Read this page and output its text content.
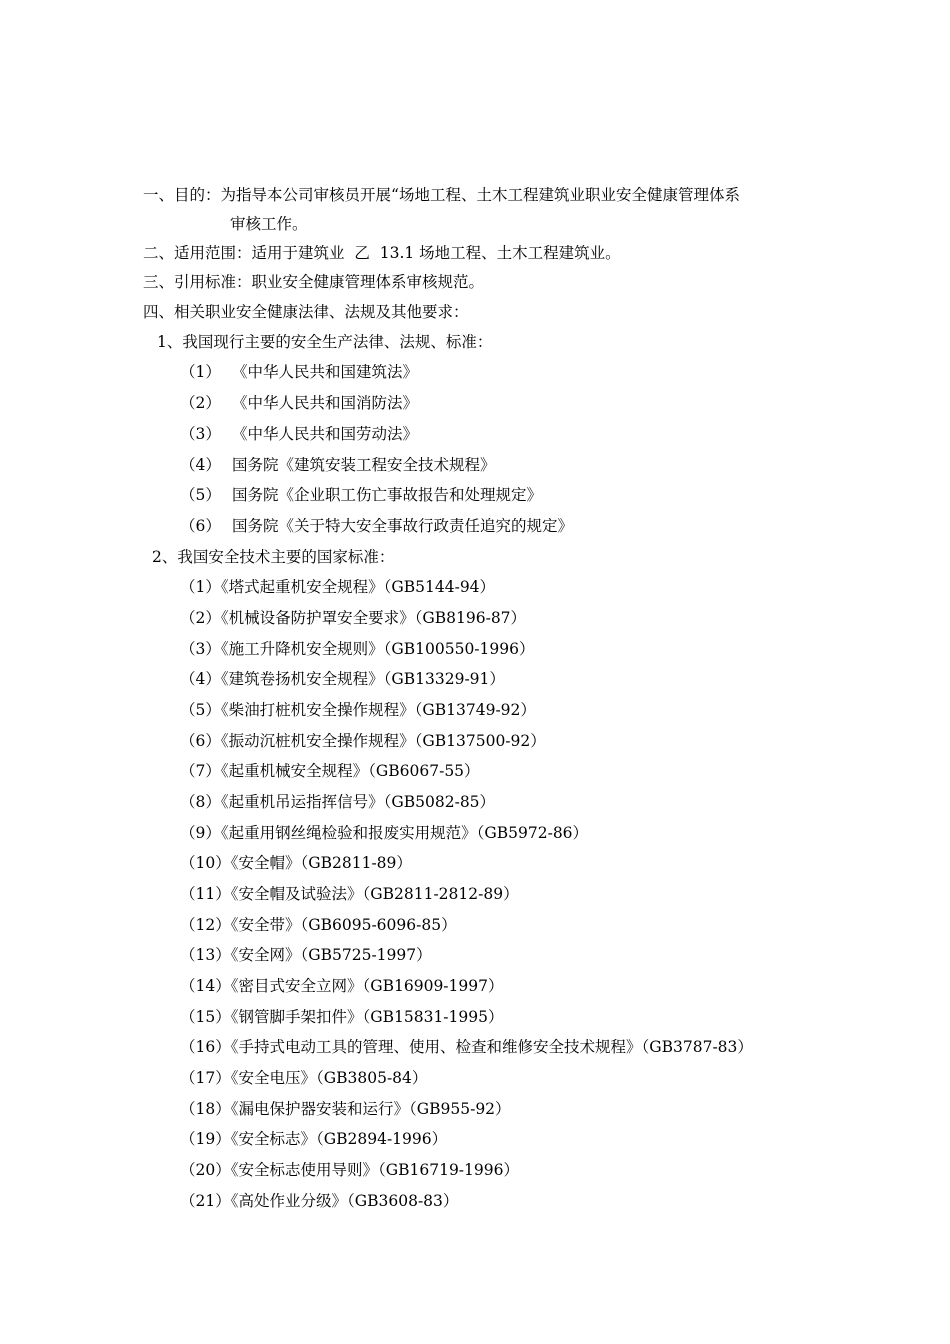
一、目的：为指导本公司审核员开展“场地工程、土木工程建筑业职业安全健康管理体系
审核工作。
二、适用范围：适用于建筑业  乙  13.1 场地工程、土木工程建筑业。
三、引用标准：职业安全健康管理体系审核规范。
四、相关职业安全健康法律、法规及其他要求：
1、我国现行主要的安全生产法律、法规、标准：
（1） 《中华人民共和国建筑法》
（2） 《中华人民共和国消防法》
（3） 《中华人民共和国劳动法》
（4） 国务院《建筑安装工程安全技术规程》
（5） 国务院《企业职工伤亡事故报告和处理规定》
（6） 国务院《关于特大安全事故行政责任追究的规定》
2、我国安全技术主要的国家标准：
（1）《塔式起重机安全规程》（GB5144-94）
（2）《机械设备防护罩安全要求》（GB8196-87）
（3）《施工升降机安全规则》（GB100550-1996）
（4）《建筑卷扬机安全规程》（GB13329-91）
（5）《柴油打桩机安全操作规程》（GB13749-92）
（6）《振动沉桩机安全操作规程》（GB137500-92）
（7）《起重机械安全规程》（GB6067-55）
（8）《起重机吊运指挥信号》（GB5082-85）
（9）《起重用钢丝绳检验和报废实用规范》（GB5972-86）
（10）《安全帽》（GB2811-89）
（11）《安全帽及试验法》（GB2811-2812-89）
（12）《安全带》（GB6095-6096-85）
（13）《安全网》（GB5725-1997）
（14）《密目式安全立网》（GB16909-1997）
（15）《钢管脚手架扣件》（GB15831-1995）
（16）《手持式电动工具的管理、使用、检查和维修安全技术规程》（GB3787-83）
（17）《安全电压》（GB3805-84）
（18）《漏电保护器安装和运行》（GB955-92）
（19）《安全标志》（GB2894-1996）
（20）《安全标志使用导则》（GB16719-1996）
（21）《高处作业分级》（GB3608-83）
